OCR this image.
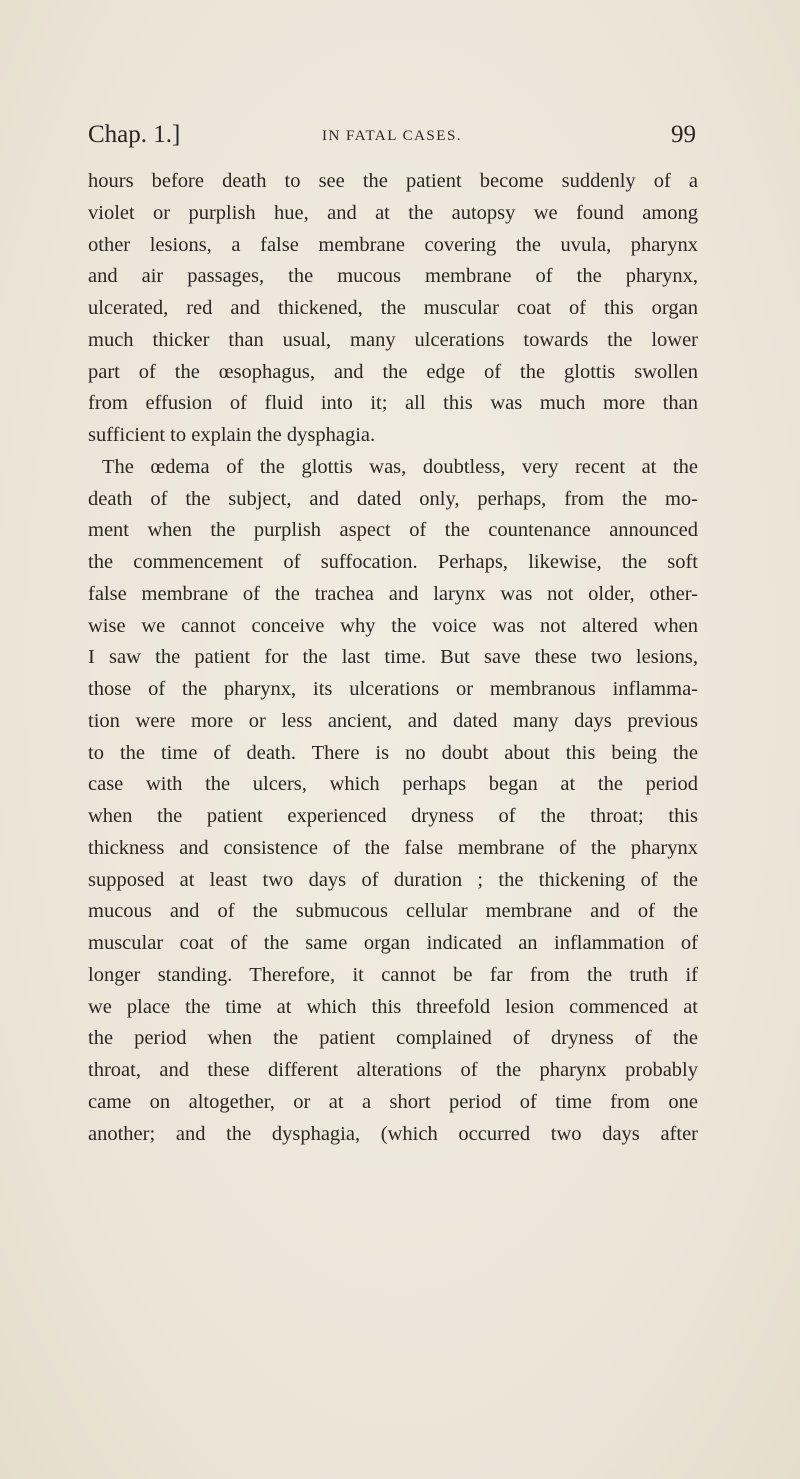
Chap. 1.]	IN FATAL CASES.	99
hours before death to see the patient become suddenly of a
violet or purplish hue, and at the autopsy we found among
other lesions, a false membrane covering the uvula, pharynx
and air passages, the mucous membrane of the pharynx,
ulcerated, red and thickened, the muscular coat of this organ
much thicker than usual, many ulcerations towards the lower
part of the œsophagus, and the edge of the glottis swollen
from effusion of fluid into it; all this was much more than
sufficient to explain the dysphagia.
The œdema of the glottis was, doubtless, very recent at the
death of the subject, and dated only, perhaps, from the mo-
ment when the purplish aspect of the countenance announced
the commencement of suffocation. Perhaps, likewise, the soft
false membrane of the trachea and larynx was not older, other-
wise we cannot conceive why the voice was not altered when
I saw the patient for the last time. But save these two lesions,
those of the pharynx, its ulcerations or membranous inflamma-
tion were more or less ancient, and dated many days previous
to the time of death. There is no doubt about this being the
case with the ulcers, which perhaps began at the period
when the patient experienced dryness of the throat; this
thickness and consistence of the false membrane of the pharynx
supposed at least two days of duration ; the thickening of the
mucous and of the submucous cellular membrane and of the
muscular coat of the same organ indicated an inflammation of
longer standing. Therefore, it cannot be far from the truth if
we place the time at which this threefold lesion commenced at
the period when the patient complained of dryness of the
throat, and these different alterations of the pharynx probably
came on altogether, or at a short period of time from one
another; and the dysphagia, (which occurred two days after
